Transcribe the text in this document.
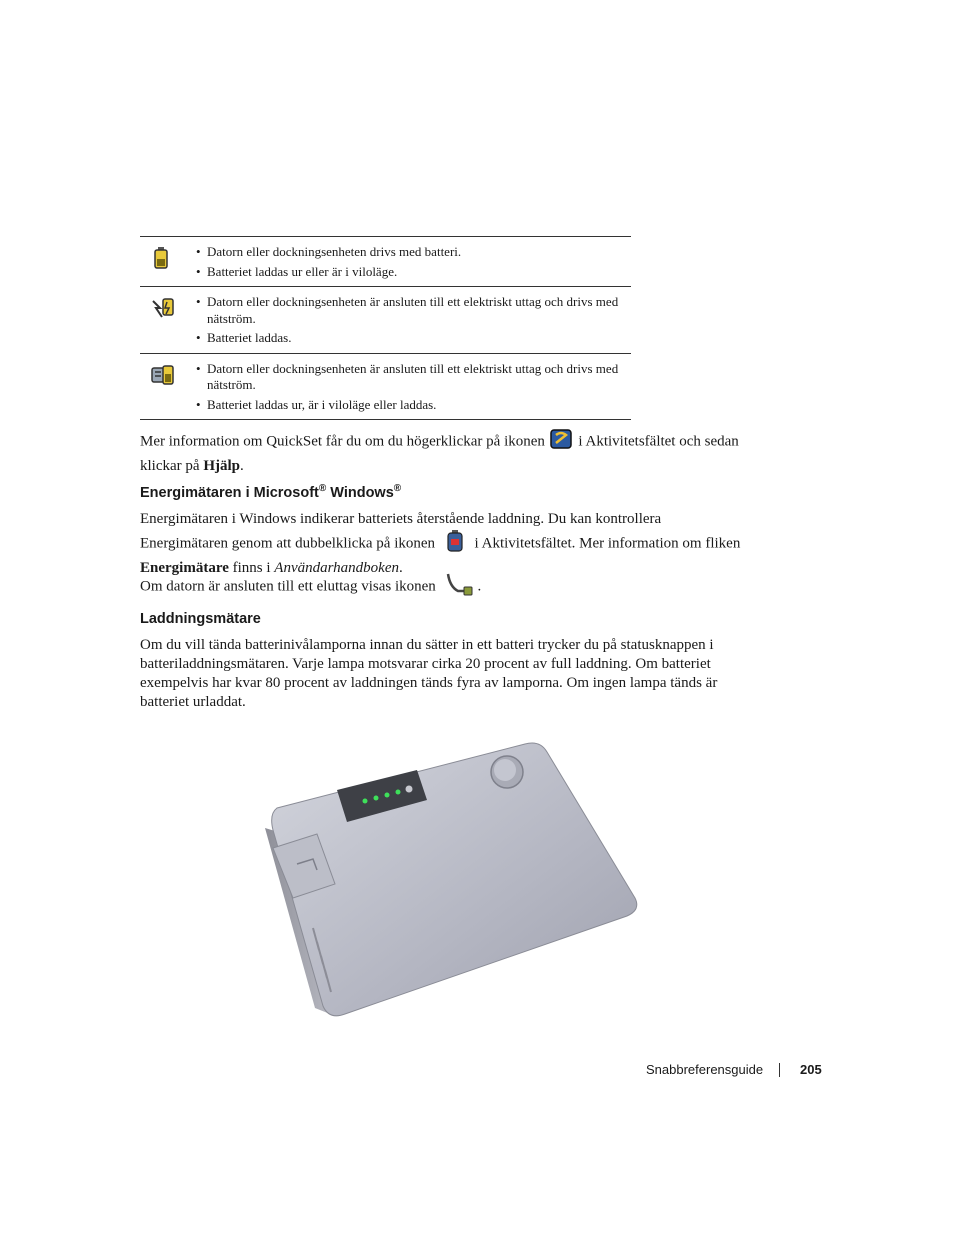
• Datorn eller dockningsenheten drivs med batteri.
• Batteriet laddas ur eller är i viloläge.
• Datorn eller dockningsenheten är ansluten till ett elektriskt uttag och drivs med nätström.
• Batteriet laddas.
• Datorn eller dockningsenheten är ansluten till ett elektriskt uttag och drivs med nätström.
• Batteriet laddas ur, är i viloläge eller laddas.
Mer information om QuickSet får du om du högerklickar på ikonen i Aktivitetsfältet och sedan klickar på Hjälp.
Energimätaren i Microsoft® Windows®
Energimätaren i Windows indikerar batteriets återstående laddning. Du kan kontrollera
Energimätaren genom att dubbelklicka på ikonen	i Aktivitetsfältet. Mer information om fliken
Energimätare finns i Användarhandboken.
Om datorn är ansluten till ett eluttag visas ikonen	.
Laddningsmätare
Om du vill tända batterinivålamporna innan du sätter in ett batteri trycker du på statusknappen i batteriladdningsmätaren. Varje lampa motsvarar cirka 20 procent av full laddning. Om batteriet exempelvis har kvar 80 procent av laddningen tänds fyra av lamporna. Om ingen lampa tänds är batteriet urladdat.
Snabbreferensguide	205
